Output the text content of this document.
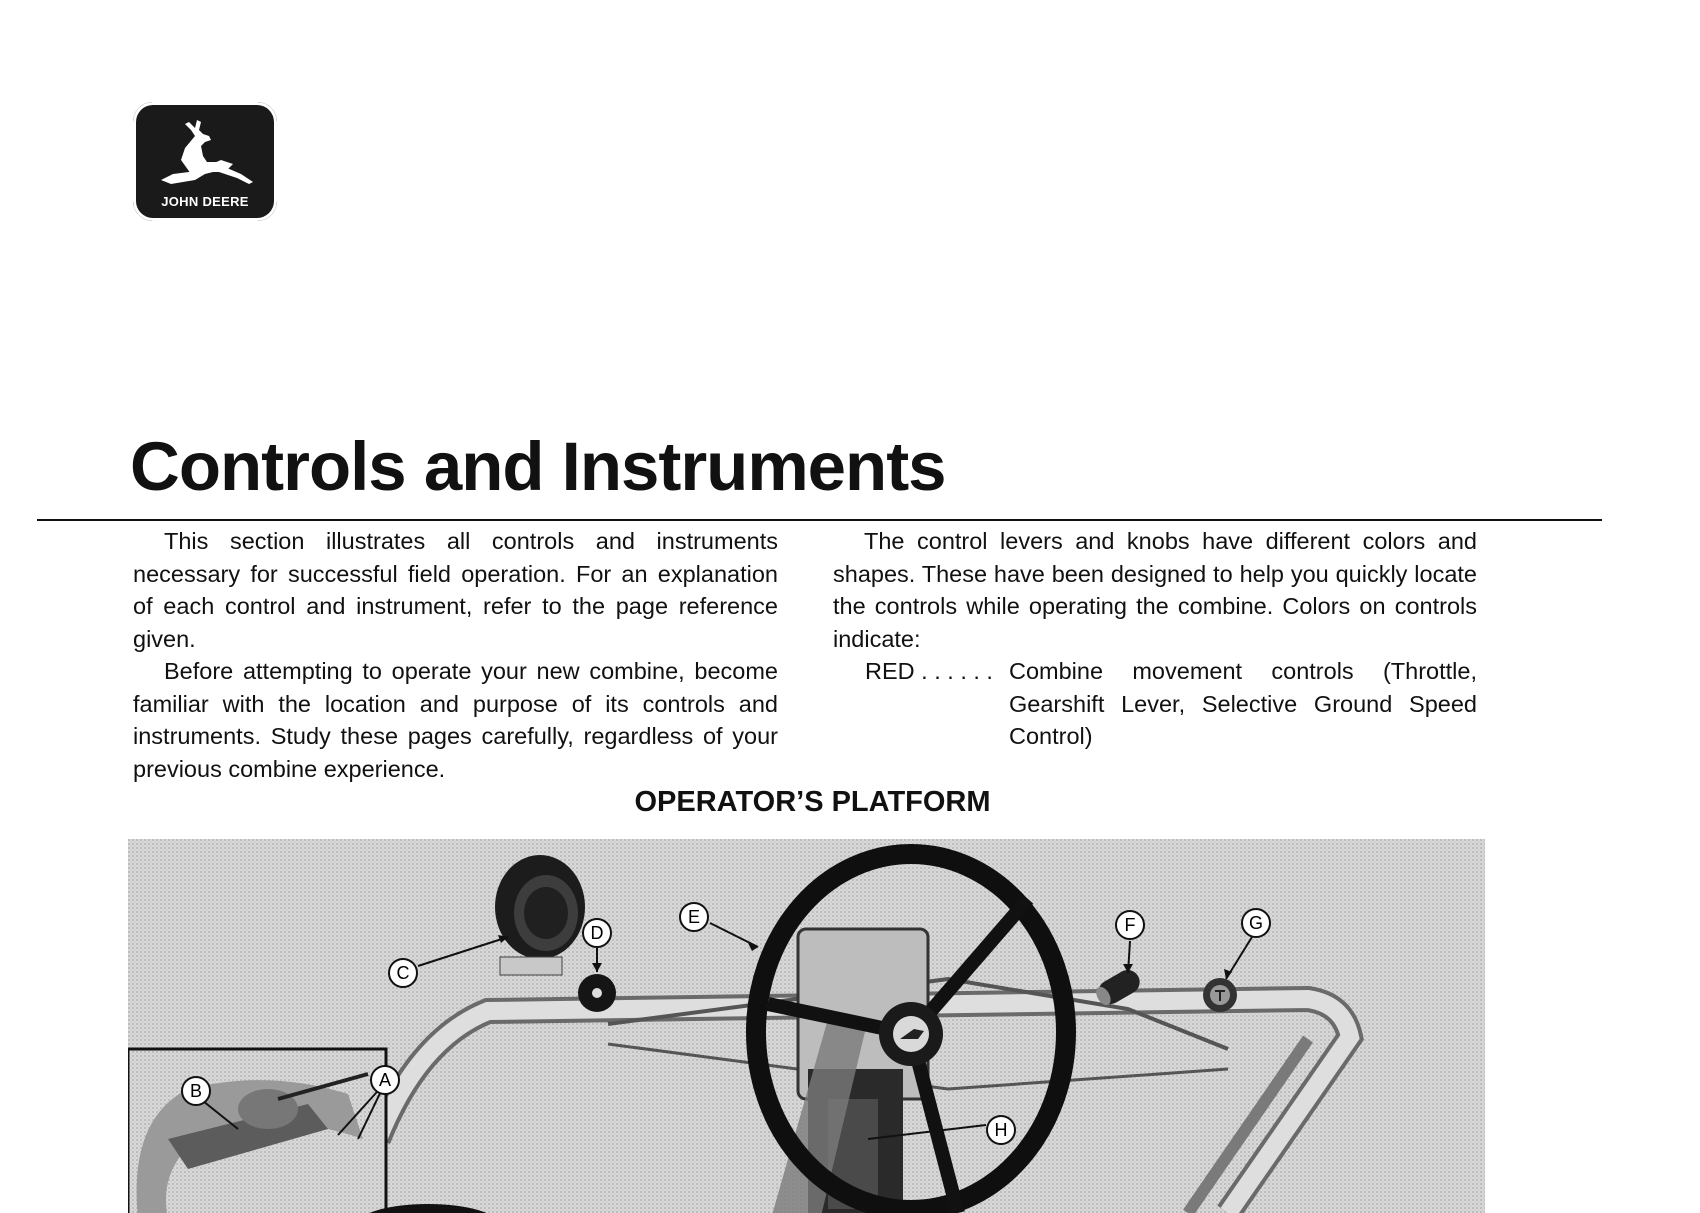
JOHN DEERE
Controls and Instruments

This section illustrates all controls and instruments necessary for successful field operation. For an explanation of each control and instrument, refer to the page reference given.

Before attempting to operate your new combine, become familiar with the location and purpose of its controls and instruments. Study these pages carefully, regardless of your previous combine experience.

The control levers and knobs have different colors and shapes. These have been designed to help you quickly locate the controls while operating the combine. Colors on controls indicate:

RED . . . . . . Combine movement controls (Throttle, Gearshift Lever, Selective Ground Speed Control)
OPERATOR’S PLATFORM
A
B
C
D
E	F	G
H
